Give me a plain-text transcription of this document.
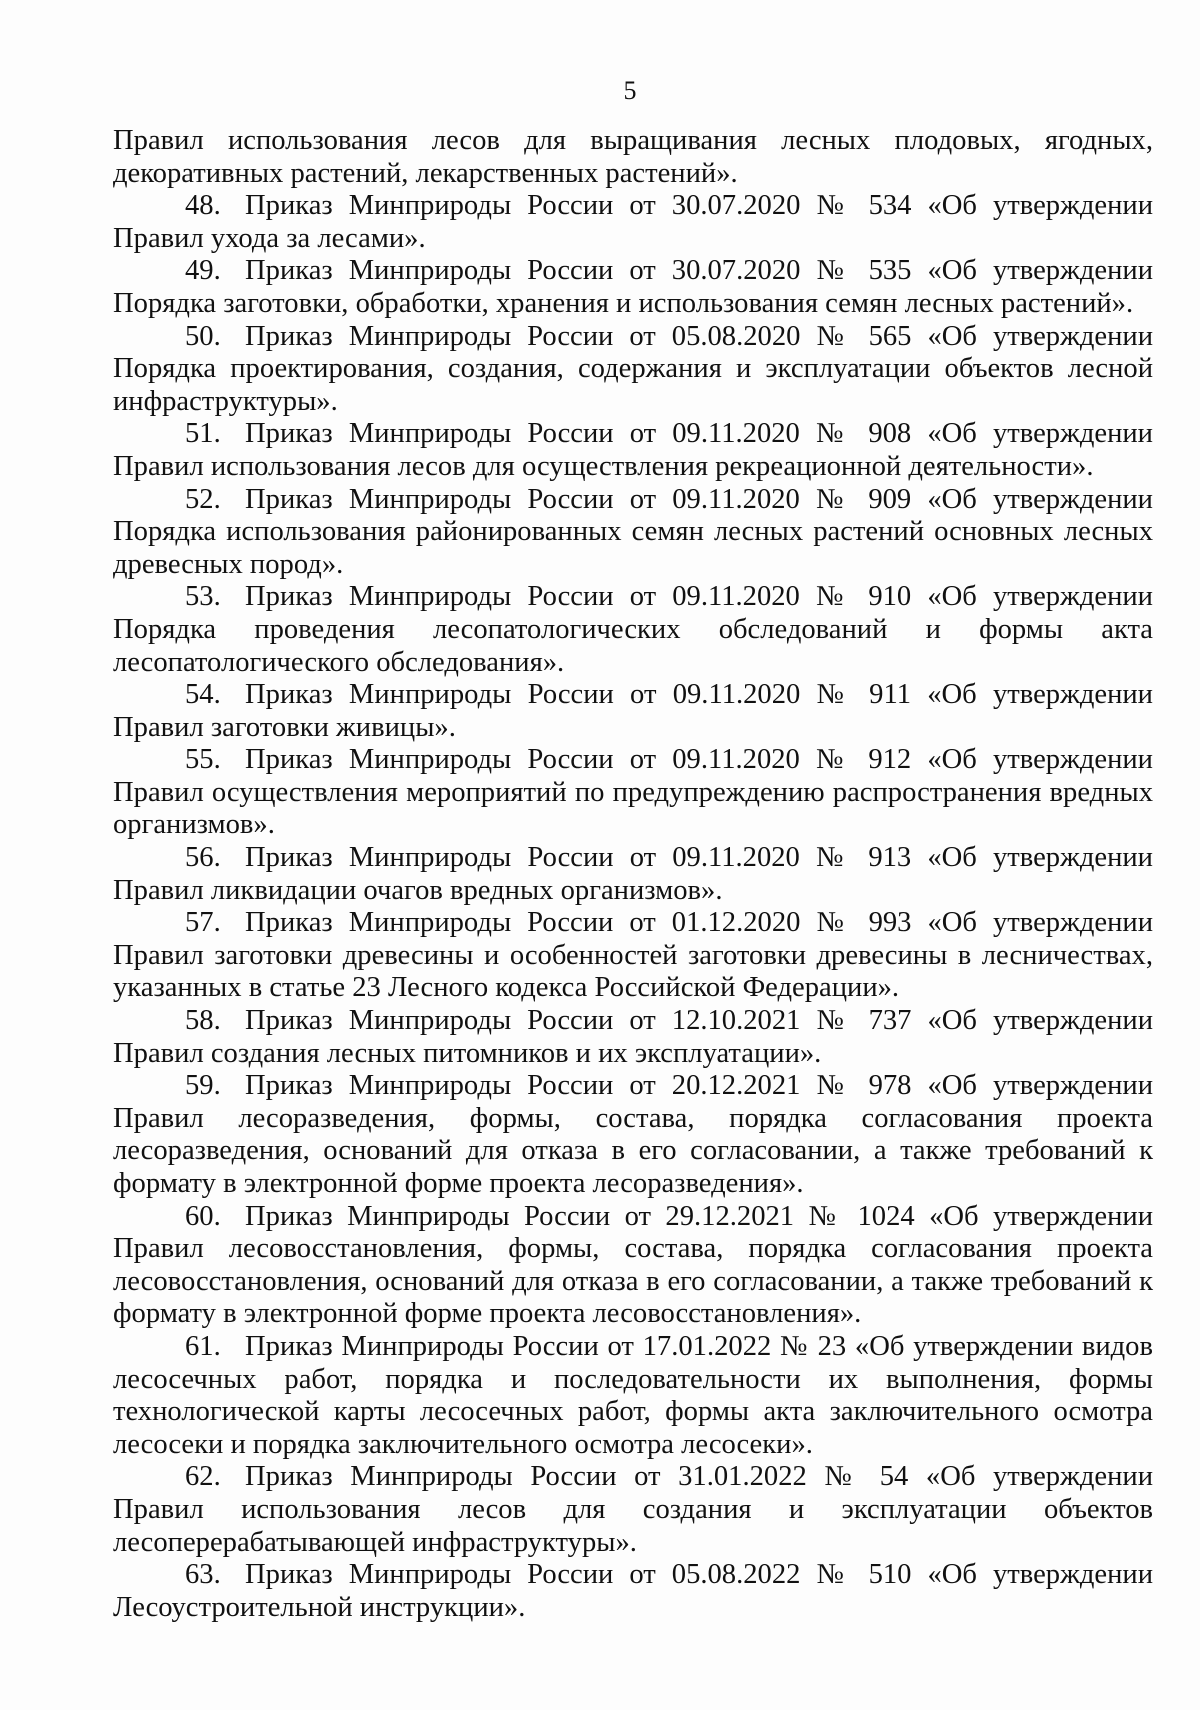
5

Правил использования лесов для выращивания лесных плодовых, ягодных, декоративных растений, лекарственных растений».

48. Приказ Минприроды России от 30.07.2020 № 534 «Об утверждении Правил ухода за лесами».

49. Приказ Минприроды России от 30.07.2020 № 535 «Об утверждении Порядка заготовки, обработки, хранения и использования семян лесных растений».

50. Приказ Минприроды России от 05.08.2020 № 565 «Об утверждении Порядка проектирования, создания, содержания и эксплуатации объектов лесной инфраструктуры».

51. Приказ Минприроды России от 09.11.2020 № 908 «Об утверждении Правил использования лесов для осуществления рекреационной деятельности».

52. Приказ Минприроды России от 09.11.2020 № 909 «Об утверждении Порядка использования районированных семян лесных растений основных лесных древесных пород».

53. Приказ Минприроды России от 09.11.2020 № 910 «Об утверждении Порядка проведения лесопатологических обследований и формы акта лесопатологического обследования».

54. Приказ Минприроды России от 09.11.2020 № 911 «Об утверждении Правил заготовки живицы».

55. Приказ Минприроды России от 09.11.2020 № 912 «Об утверждении Правил осуществления мероприятий по предупреждению распространения вредных организмов».

56. Приказ Минприроды России от 09.11.2020 № 913 «Об утверждении Правил ликвидации очагов вредных организмов».

57. Приказ Минприроды России от 01.12.2020 № 993 «Об утверждении Правил заготовки древесины и особенностей заготовки древесины в лесничествах, указанных в статье 23 Лесного кодекса Российской Федерации».

58. Приказ Минприроды России от 12.10.2021 № 737 «Об утверждении Правил создания лесных питомников и их эксплуатации».

59. Приказ Минприроды России от 20.12.2021 № 978 «Об утверждении Правил лесоразведения, формы, состава, порядка согласования проекта лесоразведения, оснований для отказа в его согласовании, а также требований к формату в электронной форме проекта лесоразведения».

60. Приказ Минприроды России от 29.12.2021 № 1024 «Об утверждении Правил лесовосстановления, формы, состава, порядка согласования проекта лесовосстановления, оснований для отказа в его согласовании, а также требований к формату в электронной форме проекта лесовосстановления».

61. Приказ Минприроды России от 17.01.2022 № 23 «Об утверждении видов лесосечных работ, порядка и последовательности их выполнения, формы технологической карты лесосечных работ, формы акта заключительного осмотра лесосеки и порядка заключительного осмотра лесосеки».

62. Приказ Минприроды России от 31.01.2022 № 54 «Об утверждении Правил использования лесов для создания и эксплуатации объектов лесоперерабатывающей инфраструктуры».

63. Приказ Минприроды России от 05.08.2022 № 510 «Об утверждении Лесоустроительной инструкции».
